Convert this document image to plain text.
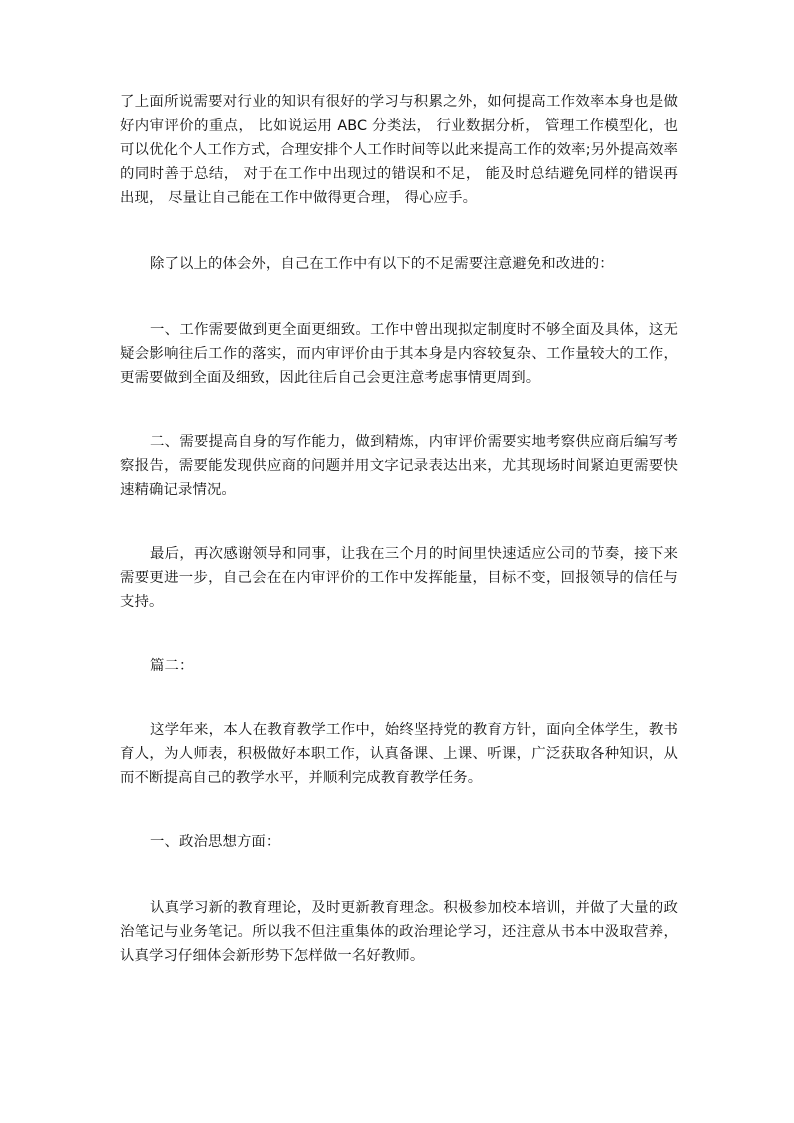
了上面所说需要对行业的知识有很好的学习与积累之外，如何提高工作效率本身也是做好内审评价的重点， 比如说运用 ABC 分类法， 行业数据分析， 管理工作模型化，也可以优化个人工作方式，合理安排个人工作时间等以此来提高工作的效率;另外提高效率的同时善于总结， 对于在工作中出现过的错误和不足， 能及时总结避免同样的错误再出现， 尽量让自己能在工作中做得更合理， 得心应手。

除了以上的体会外，自己在工作中有以下的不足需要注意避免和改进的：

一、工作需要做到更全面更细致。工作中曾出现拟定制度时不够全面及具体，这无疑会影响往后工作的落实，而内审评价由于其本身是内容较复杂、工作量较大的工作，更需要做到全面及细致，因此往后自己会更注意考虑事情更周到。

二、需要提高自身的写作能力，做到精炼，内审评价需要实地考察供应商后编写考察报告，需要能发现供应商的问题并用文字记录表达出来，尤其现场时间紧迫更需要快速精确记录情况。

最后，再次感谢领导和同事，让我在三个月的时间里快速适应公司的节奏，接下来需要更进一步，自己会在在内审评价的工作中发挥能量，目标不变，回报领导的信任与支持。

篇二：

这学年来，本人在教育教学工作中，始终坚持党的教育方针，面向全体学生，教书育人，为人师表，积极做好本职工作，认真备课、上课、听课，广泛获取各种知识，从而不断提高自己的教学水平，并顺利完成教育教学任务。

一、政治思想方面：

认真学习新的教育理论，及时更新教育理念。积极参加校本培训，并做了大量的政治笔记与业务笔记。所以我不但注重集体的政治理论学习，还注意从书本中汲取营养，认真学习仔细体会新形势下怎样做一名好教师。
